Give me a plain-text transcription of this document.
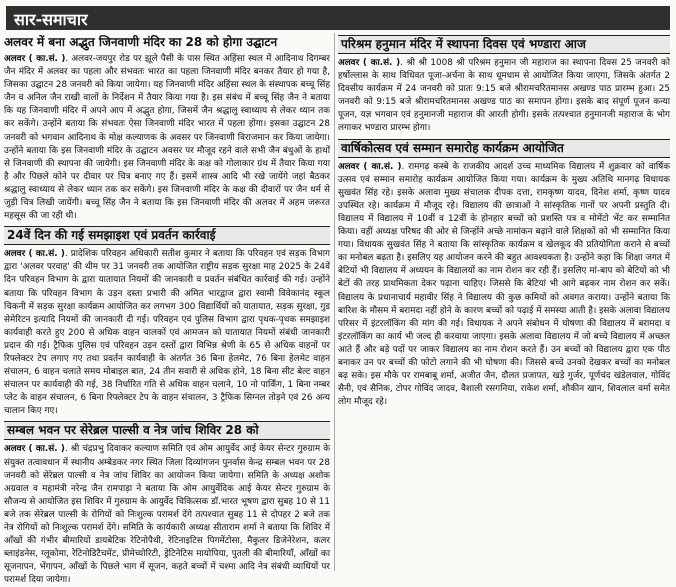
सार-समाचार
अलवर में बना अद्भुत जिनवाणी मंदिर का 28 को होगा उद्घाटन
अलवर ( का.सं. ). अलवर-जयपुर रोड पर झूले पैसी के पास स्थित अहिंसा स्थल में आदिनाथ दिगम्बर जैन मंदिर में अलवर का पहला और संभवतः भारत का पहला जिनवाणी मंदिर बनकर तैयार हो गया है, जिसका उद्घाटन 28 जनवरी को किया जायेगा। यह जिनवाणी मंदिर अहिंसा स्थल के संस्थापक बच्चू सिंह जैन व अनिल जैन राखी वालों के निर्देशन में तैयार किया गया है। इस संबंध में बच्चू सिंह जैन ने बताया कि यह जिनवाणी मंदिर में अपने आप में अद्भुत होगा, जिसमें जैन श्रद्धालु स्वाध्याय से लेकर ध्यान तक कर सकेंगे। उन्होंने बताया कि संभवतः ऐसा जिनवाणी मंदिर भारत में पहला होगा। इसका उद्घाटन 28 जनवरी को भगवान आदिनाथ के मोक्ष कल्याणक के अवसर पर जिनवाणी विराजमान कर किया जायेगा। उन्होंने बताया कि इस जिनवाणी मंदिर के उद्घाटन अवसर पर मौजूद रहने वाले सभी जैन बंधुओं के हाथों से जिनवाणी की स्थापना की जायेगी। इस जिनवाणी मंदिर के कक्ष को गोलाकार ग्रंथ में तैयार किया गया है और पिछले कोने पर दीवार पर चित्र बनाए गए हैं। इसमें शास्त्र आदि भी रखे जायेंगे जहां बैठकर श्रद्धालु स्वाध्याय से लेकर ध्यान तक कर सकेंगे। इस जिनवाणी मंदिर के कक्ष की दीवारों पर जैन धर्म से जुड़ी चित्र लिखी जायेंगी। बच्चू सिंह जैन ने बताया कि इस जिनवाणी मंदिर की अलवर में अहम जरूरत महसूस की जा रही थी।
24वें दिन की गई समझाइश एवं प्रवर्तन कार्रवाई
अलवर ( का.सं. ). प्रादेशिक परिवहन अधिकारी सतीश कुमार ने बताया कि परिवहन एवं सड़क विभाग द्वारा 'अलवर परवाह' की थीम पर 31 जनवरी तक आयोजित राष्ट्रीय सड़क सुरक्षा माह 2025 के 24वें दिन परिवहन विभाग के द्वारा यातायात नियमों की जानकारी व प्रवर्तन संबंधित कार्रवाई की गई। उन्होंने बताया कि परिवहन विभाग के उड़न दस्ता प्रभारी की अमित भारद्वाज द्वारा स्वामी विवेकानंद स्कूल चिकनी में सड़क सुरक्षा कार्यक्रम आयोजित कर लगभग 300 विद्यार्थियों को यातायात, सड़क सुरक्षा, गुड सेमेरिटन इत्यादि नियमों की जानकारी दी गई। परिवहन एवं पुलिस विभाग द्वारा पृथक-पृथक समझाइश कार्यवाही करते हुए 200 से अधिक वाहन चालकों एवं आमजन को यातायात नियमों संबंधी जानकारी प्रदान की गई। ट्रैफिक पुलिस एवं परिवहन उड़न दस्तों द्वारा विभिन्न श्रेणी के 65 से अधिक वाहनों पर रिफ्लेक्टर टेप लगाए गए तथा प्रवर्तन कार्यवाही के अंतर्गत 36 बिना हेलमेट, 76 बिना हेलमेट वाहन संचालन, 6 वाहन चलाते समय मोबाइल बात, 24 तीन सवारी से अधिक होने, 18 बिना सीट बेल्ट वाहन संचालन पर कार्यवाही की गई, 38 निर्धारित गति से अधिक वाहन चलाने, 10 नो पार्किंग, 1 बिना नम्बर प्लेट के वाहन संचालन, 6 बिना रिफ्लेक्टर टेप के वाहन संचालन, 3 ट्रैफिक सिग्नल तोड़ने एवं 26 अन्य चालान किए गए।
सम्बल भवन पर सेरेब्रल पाल्सी व नेत्र जांच शिविर 28 को
अलवर ( का.सं. ). श्री चंद्रप्रभु दिवाकर कल्याण समिति एवं ओम आयुर्वेद आई केयर सेन्टर गुरुग्राम के संयुक्त तत्वावधान में स्थानीय अम्बेडकर नगर स्थित जिला दिव्यांगजन पुनर्वास केन्द्र सम्बल भवन पर 28 जनवरी को सेरेब्रल पाल्सी व नेत्र जांच शिविर का आयोजन किया जायेगा। समिति के अध्यक्ष अशोक अग्रवाल व महामंत्री नरेन्द्र जैन रामपाड़ा ने बताया कि ओम आयुर्वेदिक आई केयर सेन्टर गुरुग्राम के सौजन्य से आयोजित इस शिविर में गुरुग्राम के आयुर्वेद चिकित्सक डॉ.भारत भूषण द्वारा सुबह 10 से 11 बजे तक सेरेब्रल पाल्सी के रोगियों को निःशुल्क परामर्श देंगे तत्पश्चात सुबह 11 से दोपहर 2 बजे तक नेत्र रोगियों को निःशुल्क परामर्श देंगे। समिति के कार्यकारी अध्यक्ष सीताराम शर्मा ने बताया कि शिविर में आँखों की गंभीर बीमारियों डायबेटिक रेटिनोपैथी, रेटिनाइटिस पिगमेंटोसा, मैकुलर डिजेनेरेशन, कलर ब्लाइंडनेस, ग्लूकोमा, रेटिनोडिटैचमेंट, प्रीमेच्योरिटी, ड्रेटिनेटिस मायोपिया, पुतली की बीमारियाँ, आँखों का सूजनापन, भेंगापन, आँखों के पिछले भाग में सूजन, कहते बच्चों में चश्मा आदि नेत्र संबंधी व्याधियों पर परामर्श दिया जायेगा।
परिश्रम हनुमान मंदिर में स्थापना दिवस एवं भण्डारा आज
अलवर ( का.सं. ). श्री श्री 1008 श्री परिश्रम हनुमान जी महाराज का स्थापना दिवस 25 जनवरी को हर्षोल्लास के साथ विधिवत पूजा-अर्चना के साथ धूमधाम से आयोजित किया जाएगा, जिसके अंतर्गत 2 दिवसीय कार्यक्रम में 24 जनवरी को प्रातः 9:15 बजे श्रीरामचरितमानस अखण्ड पाठ प्रारम्भ हुआ। 25 जनवरी को 9:15 बजे श्रीरामचरितमानस अखण्ड पाठ का समापन होगा। इसके बाद संपूर्ण पूजन कन्या पूजन, यज्ञ भगवान एवं हनुमानजी महाराज की आरती होगी। इसके तत्पश्चात हनुमानजी महाराज के भोग लगाकर भण्डारा प्रारम्भ होगा।
वार्षिकोत्सव एवं सम्मान समारोह कार्यक्रम आयोजित
अलवर ( का.सं. ). रामगढ़ कस्बे के राजकीय आदर्श उच्च माध्यमिक विद्यालय में शुक्रवार को वार्षिक उत्सव एवं सम्मान समारोह कार्यक्रम आयोजित किया गया। कार्यक्रम के मुख्य अतिथि मानगढ़ विधायक सुखवंत सिंह रहे। इसके अलावा मुख्य संचालक दीपक दत्ता, रामकृष्ण यादव, दिनेश शर्मा, कृष्ण यादव उपस्थित रहे। कार्यक्रम में मौजूद रहे। विद्यालय की छात्राओं ने सांस्कृतिक गानों पर अपनी प्रस्तुति दी। विद्यालय में विद्यालय में 10वीं व 12वीं के होनहार बच्चों को प्रशस्ति पत्र व मोमेंटो भेंट कर सम्मानित किया। वहीं अध्यक्ष परिषद की ओर से जिन्होंने अच्छे नामांकन बढ़ाने वाले शिक्षकों को भी सम्मानित किया गया। विधायक सुखवंत सिंह ने बताया कि सांस्कृतिक कार्यक्रम व खेलकूद की प्रतियोगिता कराने से बच्चों का मनोबल बढ़ता है। इसलिए यह आयोजन करने की बहुत आवश्यकता है। उन्होंने कहा कि शिक्षा जगत में बेटियों भी विद्यालय में अध्ययन के विद्यालयों का नाम रोशन कर रही हैं। इसलिए मां-बाप को बेटियों को भी बेटों की तरह प्राथमिकता देकर पढ़ाना चाहिए। जिससे कि बेटियां भी आगे बढ़कर नाम रोशन कर सकें। विद्यालय के प्रधानाचार्य महावीर सिंह ने विद्यालय की कुछ कमियों को अवगत कराया। उन्होंने बताया कि बारिश के मौसम में बरामदा नहीं होने के कारण बच्चों को पढ़ाई में समस्या आती है। इसके अलावा विद्यालय परिसर में इंटरलॉकिंग की मांग की गई। विधायक ने अपने संबोधन में घोषणा की विद्यालय में बरामदा व इंटरलॉकिंग का कार्य भी जल्द ही करवाया जाएगा। इसके अलावा विद्यालय में जो बच्चे विद्यालय में अच्छल आते हैं और बड़े पदों पर जाकर विद्यालय का नाम रोशन करते हैं। उन बच्चों को विद्यालय द्वारा एक पीठ बनाकर उन पर बच्चों की फोटो लगाने की भी घोषणा की। जिससे बच्चे उनको देखकर बच्चों का मनोबल बढ़ सके। इस मौके पर रामबाबू शर्मा, अजीत जैन, दौलत प्रजापत, खड़े गुर्जर, पूर्णचंद खंडेलवाल, गोविंद सैनी, एवं सैनिक, टोपर गोविंद जादव, वैशाली रसगनिया, राकेश शर्मा, शौकीन खान, शिवलाल वर्मा समेत लोग मौजूद रहे।
